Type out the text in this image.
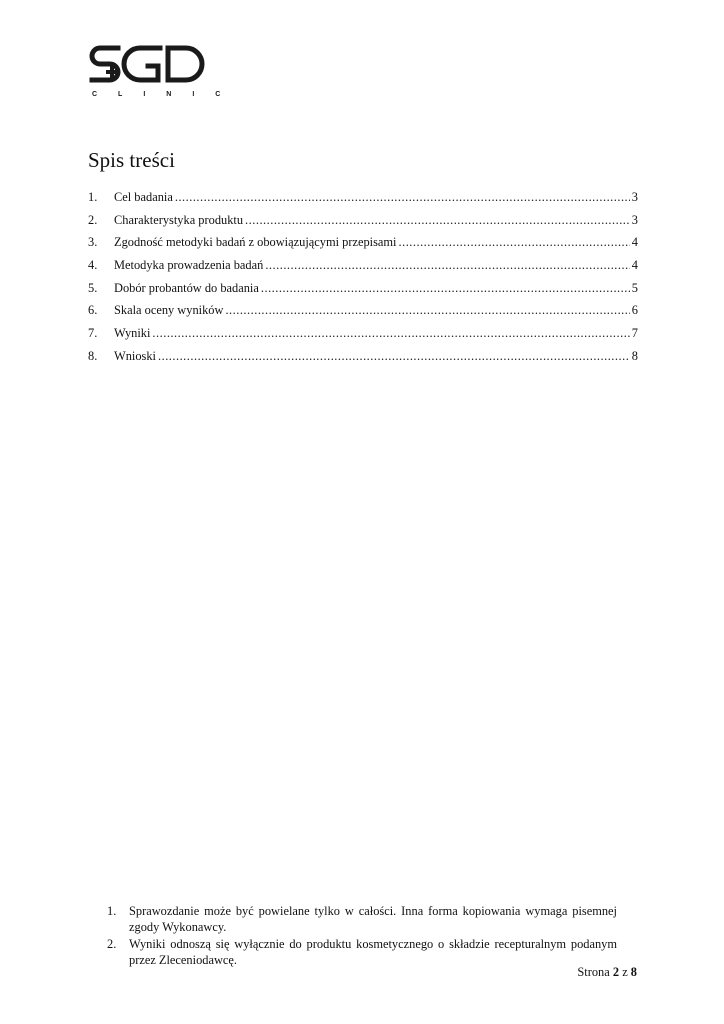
CLINIC
Spis treści
1.	Cel badania .....	3
2.	Charakterystyka produktu .....	3
3.	Zgodność metodyki badań z obowiązującymi przepisami .....	4
4.	Metodyka prowadzenia badań .....	4
5.	Dobór probantów do badania .....	5
6.	Skala oceny wyników .....	6
7.	Wyniki .....	7
8.	Wnioski .....	8
1.	Sprawozdanie może być powielane tylko w całości. Inna forma kopiowania wymaga pisemnej zgody Wykonawcy.
2.	Wyniki odnoszą się wyłącznie do produktu kosmetycznego o składzie recepturalnym podanym przez Zleceniodawcę.
Strona 2 z 8
